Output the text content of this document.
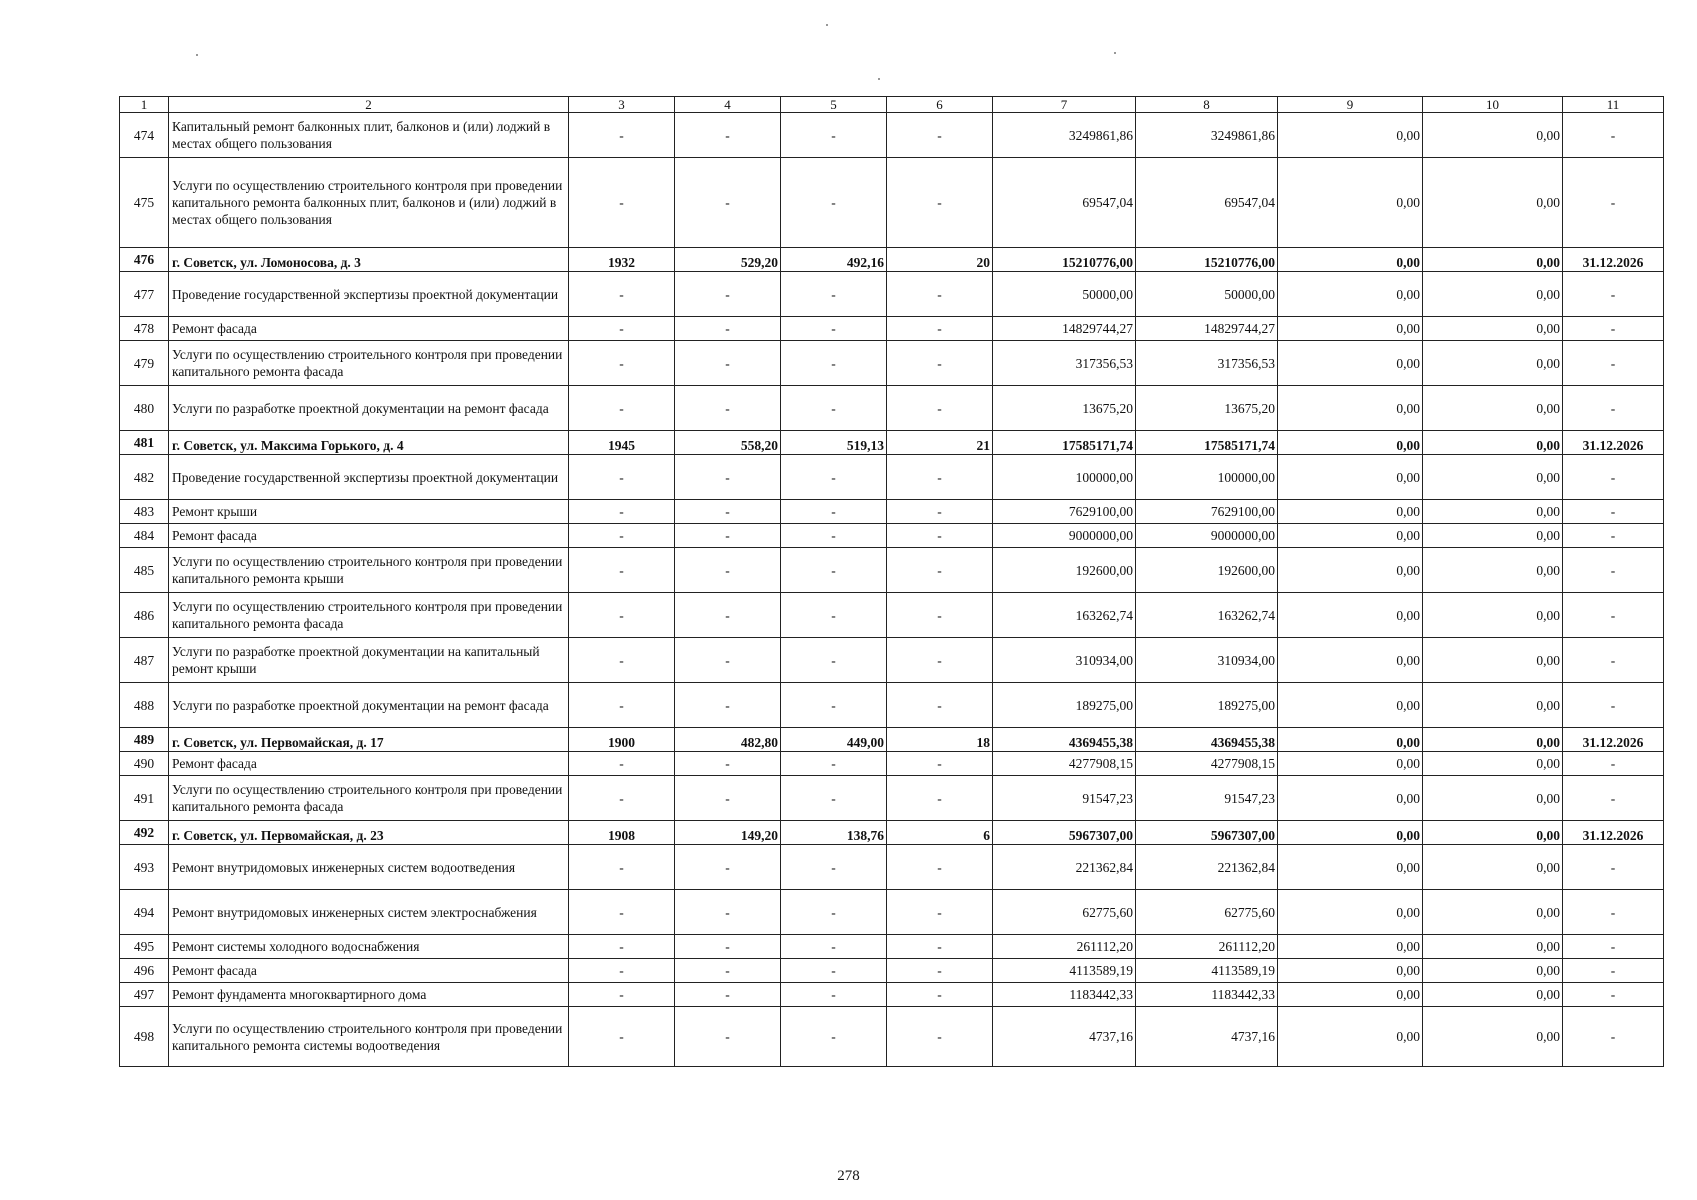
1	2	3	4	5	6	7	8	9	10	11
474	Капитальный ремонт балконных плит, балконов и (или) лоджий в местах общего пользования	-	-	-	-	3249861,86	3249861,86	0,00	0,00	-
475	Услуги по осуществлению строительного контроля при проведении капитального ремонта балконных плит, балконов и (или) лоджий в местах общего пользования	-	-	-	-	69547,04	69547,04	0,00	0,00	-
476	г. Советск, ул. Ломоносова, д. 3	1932	529,20	492,16	20	15210776,00	15210776,00	0,00	0,00	31.12.2026
477	Проведение государственной экспертизы проектной документации	-	-	-	-	50000,00	50000,00	0,00	0,00	-
478	Ремонт фасада	-	-	-	-	14829744,27	14829744,27	0,00	0,00	-
479	Услуги по осуществлению строительного контроля при проведении капитального ремонта фасада	-	-	-	-	317356,53	317356,53	0,00	0,00	-
480	Услуги по разработке проектной документации на ремонт фасада	-	-	-	-	13675,20	13675,20	0,00	0,00	-
481	г. Советск, ул. Максима Горького, д. 4	1945	558,20	519,13	21	17585171,74	17585171,74	0,00	0,00	31.12.2026
482	Проведение государственной экспертизы проектной документации	-	-	-	-	100000,00	100000,00	0,00	0,00	-
483	Ремонт крыши	-	-	-	-	7629100,00	7629100,00	0,00	0,00	-
484	Ремонт фасада	-	-	-	-	9000000,00	9000000,00	0,00	0,00	-
485	Услуги по осуществлению строительного контроля при проведении капитального ремонта крыши	-	-	-	-	192600,00	192600,00	0,00	0,00	-
486	Услуги по осуществлению строительного контроля при проведении капитального ремонта фасада	-	-	-	-	163262,74	163262,74	0,00	0,00	-
487	Услуги по разработке проектной документации на капитальный ремонт крыши	-	-	-	-	310934,00	310934,00	0,00	0,00	-
488	Услуги по разработке проектной документации на ремонт фасада	-	-	-	-	189275,00	189275,00	0,00	0,00	-
489	г. Советск, ул. Первомайская, д. 17	1900	482,80	449,00	18	4369455,38	4369455,38	0,00	0,00	31.12.2026
490	Ремонт фасада	-	-	-	-	4277908,15	4277908,15	0,00	0,00	-
491	Услуги по осуществлению строительного контроля при проведении капитального ремонта фасада	-	-	-	-	91547,23	91547,23	0,00	0,00	-
492	г. Советск, ул. Первомайская, д. 23	1908	149,20	138,76	6	5967307,00	5967307,00	0,00	0,00	31.12.2026
493	Ремонт внутридомовых инженерных систем водоотведения	-	-	-	-	221362,84	221362,84	0,00	0,00	-
494	Ремонт внутридомовых инженерных систем электроснабжения	-	-	-	-	62775,60	62775,60	0,00	0,00	-
495	Ремонт системы холодного водоснабжения	-	-	-	-	261112,20	261112,20	0,00	0,00	-
496	Ремонт фасада	-	-	-	-	4113589,19	4113589,19	0,00	0,00	-
497	Ремонт фундамента многоквартирного дома	-	-	-	-	1183442,33	1183442,33	0,00	0,00	-
498	Услуги по осуществлению строительного контроля при проведении капитального ремонта системы водоотведения	-	-	-	-	4737,16	4737,16	0,00	0,00	-
278
